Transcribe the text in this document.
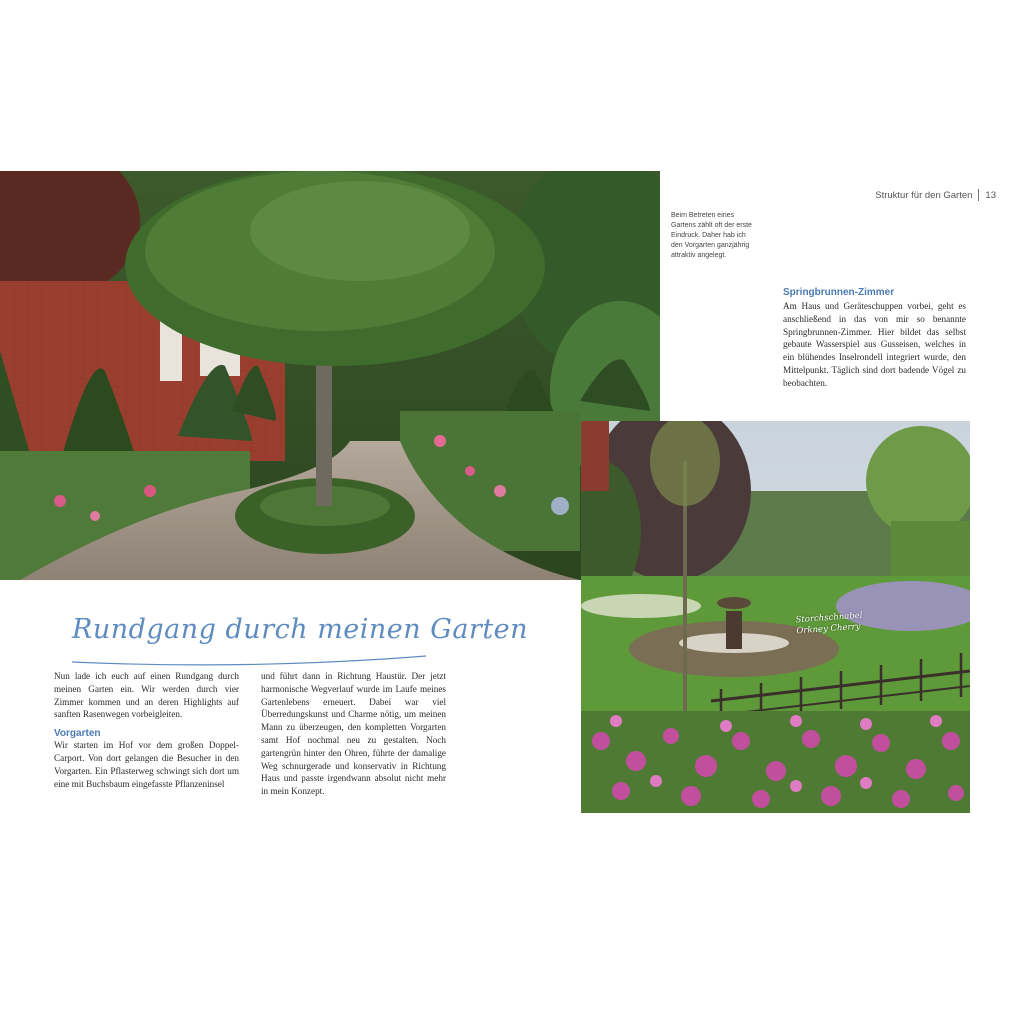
Storchschnabel
Orkney Cherry
Struktur für den Garten 13
Beim Betreten eines Gartens zählt oft der erste Eindruck. Daher hab ich den Vorgarten ganzjährig attraktiv angelegt.
Springbrunnen-Zimmer

Am Haus und Geräteschuppen vorbei, geht es anschließend in das von mir so benannte Springbrunnen-Zimmer. Hier bildet das selbst gebaute Wasserspiel aus Gusseisen, welches in ein blühendes Inselrondell integriert wurde, den Mittelpunkt. Täglich sind dort badende Vögel zu beobachten.

Rundgang durch meinen Garten

Nun lade ich euch auf einen Rundgang durch meinen Garten ein. Wir werden durch vier Zimmer kommen und an deren Highlights auf sanften Rasenwegen vorbeigleiten.

Vorgarten

Wir starten im Hof vor dem großen Doppel-Carport. Von dort gelangen die Besucher in den Vorgarten. Ein Pflasterweg schwingt sich dort um eine mit Buchsbaum eingefasste Pflanzeninsel

und führt dann in Richtung Haustür. Der jetzt harmonische Wegverlauf wurde im Laufe meines Gartenlebens erneuert. Dabei war viel Überredungskunst und Charme nötig, um meinen Mann zu überzeugen, den kompletten Vorgarten samt Hof nochmal neu zu gestalten. Noch gartengrün hinter den Ohren, führte der damalige Weg schnurgerade und konservativ in Richtung Haus und passte irgendwann absolut nicht mehr in mein Konzept.
